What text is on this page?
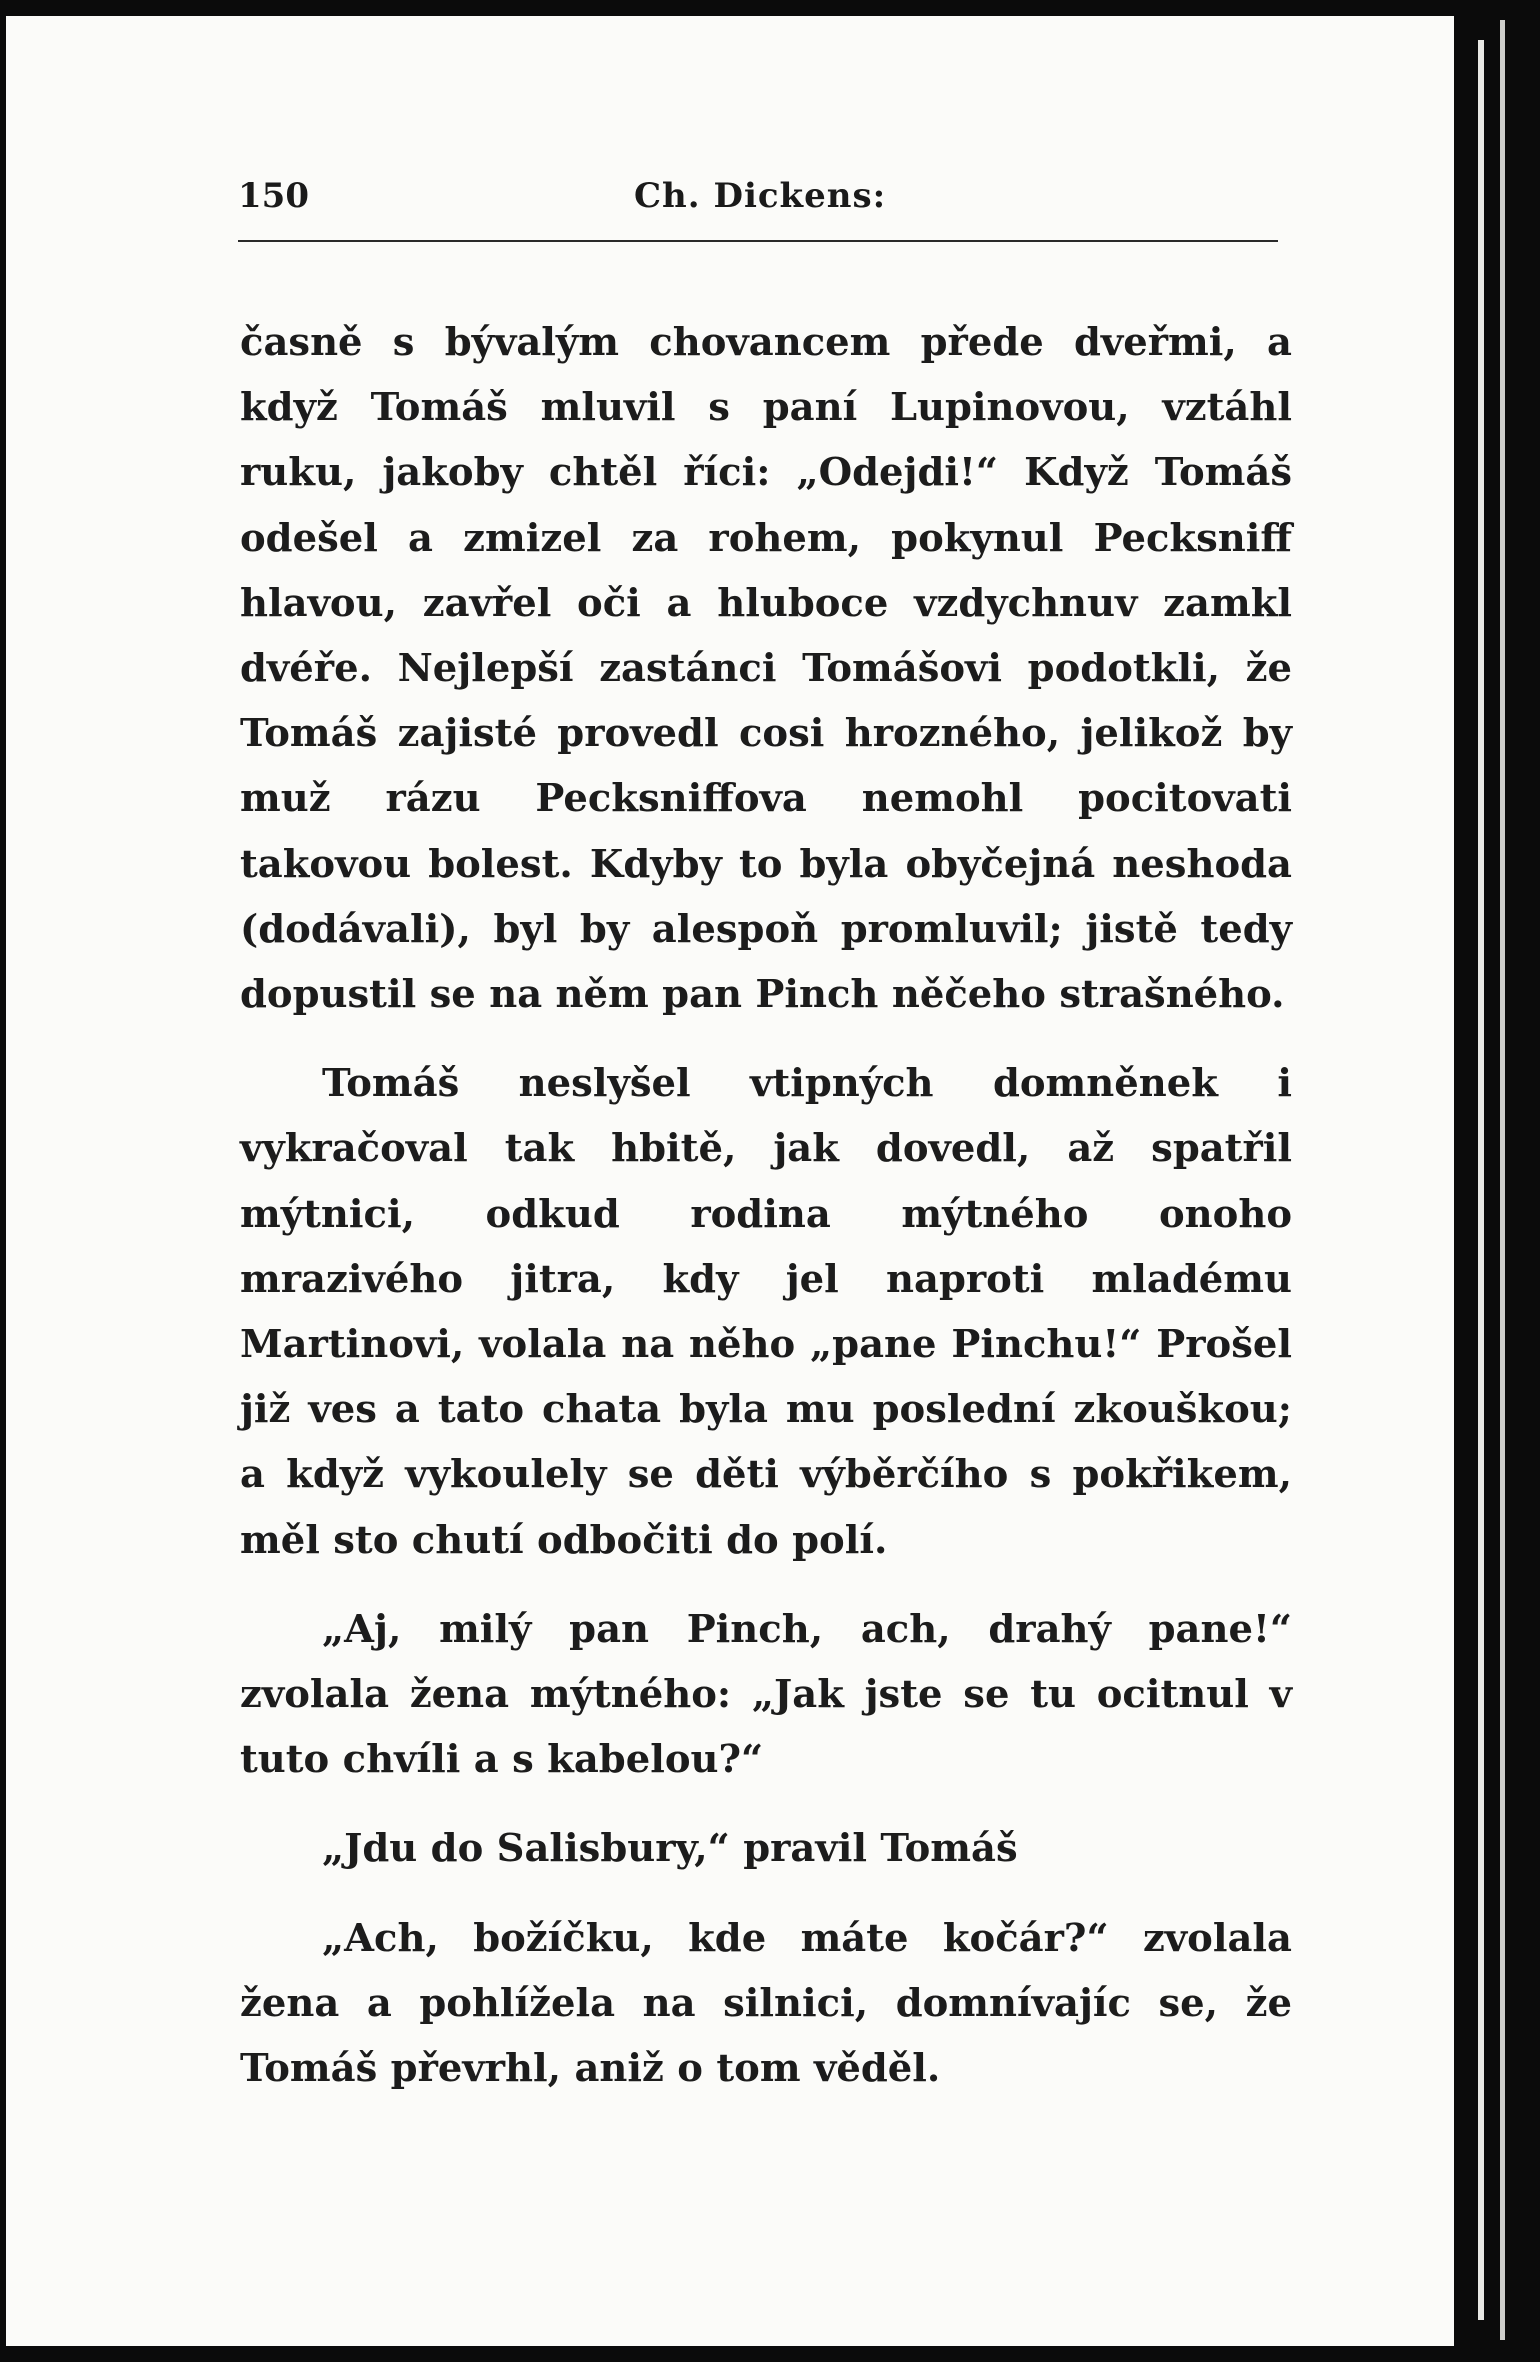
150	Ch. Dickens:

časně s bývalým chovancem přede dveřmi, a když Tomáš mluvil s paní Lupinovou, vztáhl ruku, jakoby chtěl říci: „Odejdi!“ Když Tomáš odešel a zmizel za rohem, pokynul Pecksniff hlavou, zavřel oči a hluboce vzdychnuv zamkl dvéře. Nejlepší zastánci Tomášovi podotkli, že Tomáš zajisté provedl cosi hrozného, jelikož by muž rázu Pecksniffova nemohl pocitovati takovou bolest. Kdyby to byla obyčejná neshoda (dodávali), byl by alespoň promluvil; jistě tedy dopustil se na něm pan Pinch něčeho strašného.

Tomáš neslyšel vtipných domněnek i vykračoval tak hbitě, jak dovedl, až spatřil mýtnici, odkud rodina mýtného onoho mrazivého jitra, kdy jel naproti mladému Martinovi, volala na něho „pane Pinchu!“ Prošel již ves a tato chata byla mu poslední zkouškou; a když vykoulely se děti výběrčího s pokřikem, měl sto chutí odbočiti do polí.

„Aj, milý pan Pinch, ach, drahý pane!“ zvolala žena mýtného: „Jak jste se tu ocitnul v tuto chvíli a s kabelou?“

„Jdu do Salisbury,“ pravil Tomáš

„Ach, božíčku, kde máte kočár?“ zvolala žena a pohlížela na silnici, domnívajíc se, že Tomáš převrhl, aniž o tom věděl.
